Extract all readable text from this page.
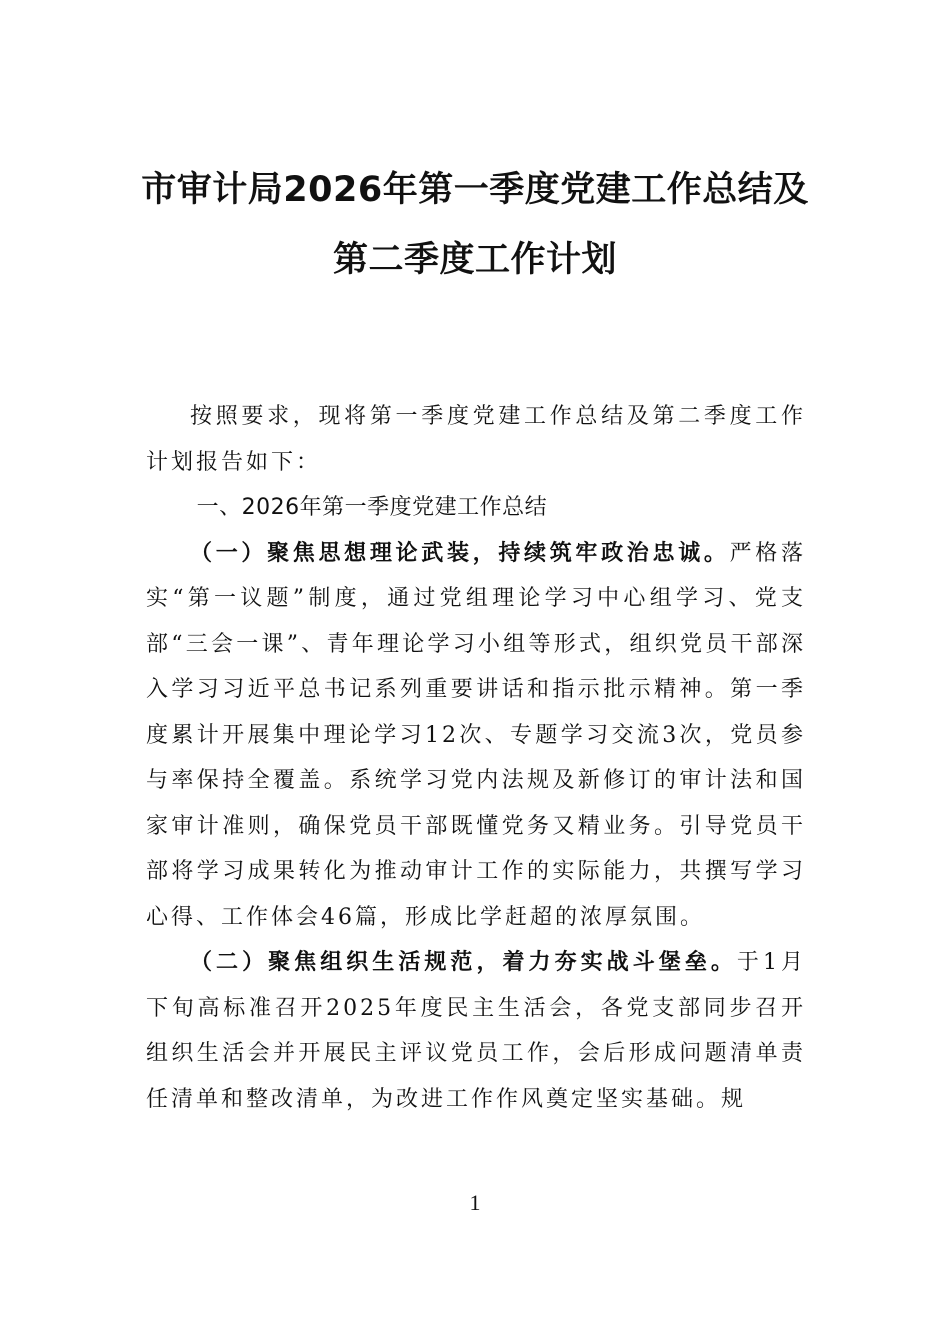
市审计局2026年第一季度党建工作总结及
第二季度工作计划

按照要求，现将第一季度党建工作总结及第二季度工作计划报告如下：

一、2026年第一季度党建工作总结

（一）聚焦思想理论武装，持续筑牢政治忠诚。严格落实“第一议题”制度，通过党组理论学习中心组学习、党支部“三会一课”、青年理论学习小组等形式，组织党员干部深入学习习近平总书记系列重要讲话和指示批示精神。第一季度累计开展集中理论学习12次、专题学习交流3次，党员参与率保持全覆盖。系统学习党内法规及新修订的审计法和国家审计准则，确保党员干部既懂党务又精业务。引导党员干部将学习成果转化为推动审计工作的实际能力，共撰写学习心得、工作体会46篇，形成比学赶超的浓厚氛围。

（二）聚焦组织生活规范，着力夯实战斗堡垒。于1月下旬高标准召开2025年度民主生活会，各党支部同步召开组织生活会并开展民主评议党员工作，会后形成问题清单责任清单和整改清单，为改进工作作风奠定坚实基础。规

1
